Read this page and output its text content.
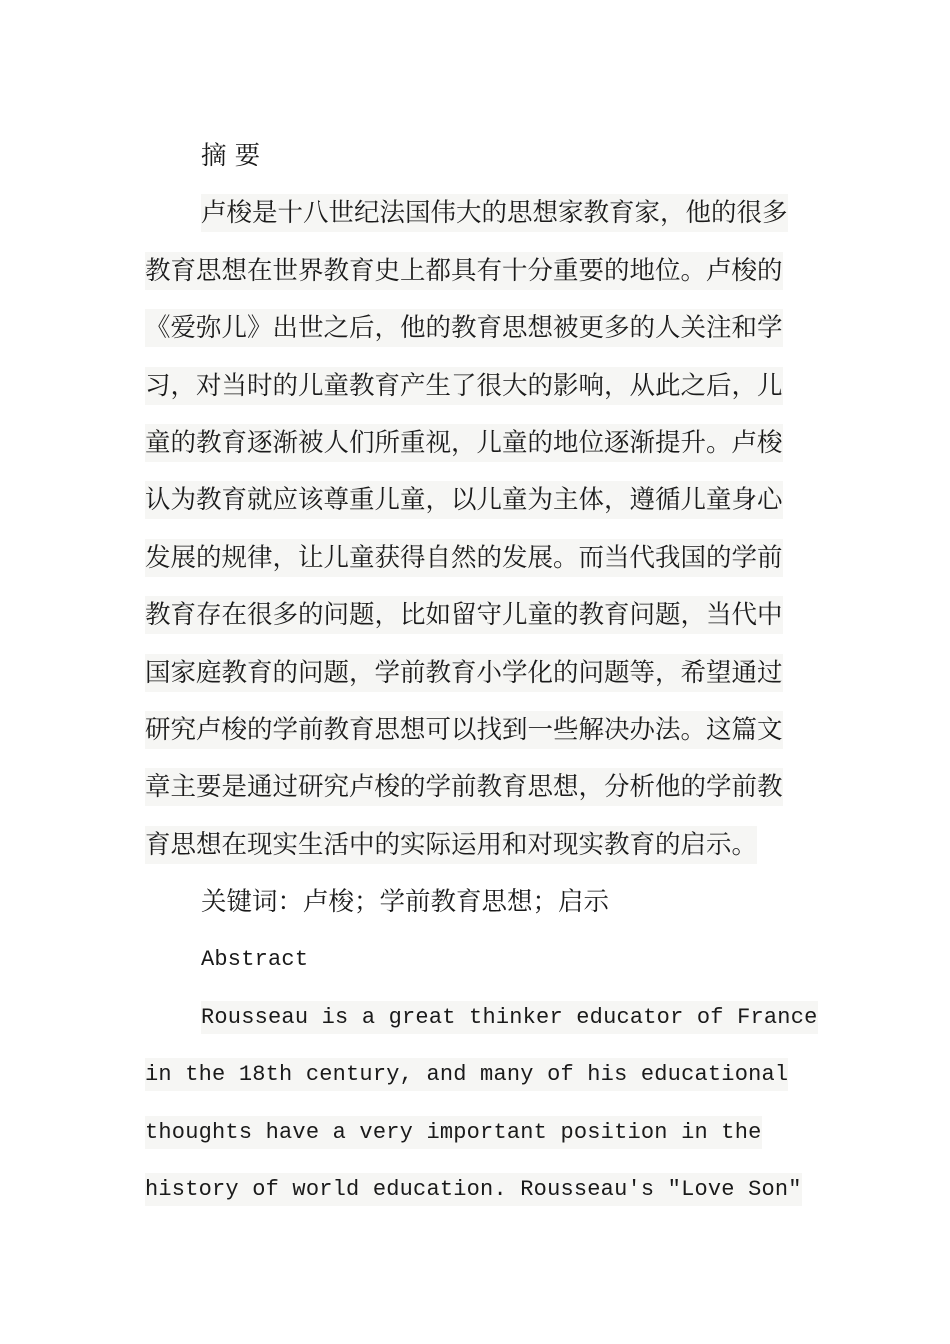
摘 要
卢梭是十八世纪法国伟大的思想家教育家，他的很多
教育思想在世界教育史上都具有十分重要的地位。卢梭的
《爱弥儿》出世之后，他的教育思想被更多的人关注和学
习，对当时的儿童教育产生了很大的影响，从此之后，儿
童的教育逐渐被人们所重视，儿童的地位逐渐提升。卢梭
认为教育就应该尊重儿童，以儿童为主体，遵循儿童身心
发展的规律，让儿童获得自然的发展。而当代我国的学前
教育存在很多的问题，比如留守儿童的教育问题，当代中
国家庭教育的问题，学前教育小学化的问题等，希望通过
研究卢梭的学前教育思想可以找到一些解决办法。这篇文
章主要是通过研究卢梭的学前教育思想，分析他的学前教
育思想在现实生活中的实际运用和对现实教育的启示。
关键词：卢梭；学前教育思想；启示
Abstract
Rousseau is a great thinker educator of France
in the 18th century, and many of his educational
thoughts have a very important position in the
history of world education. Rousseau's "Love Son"
